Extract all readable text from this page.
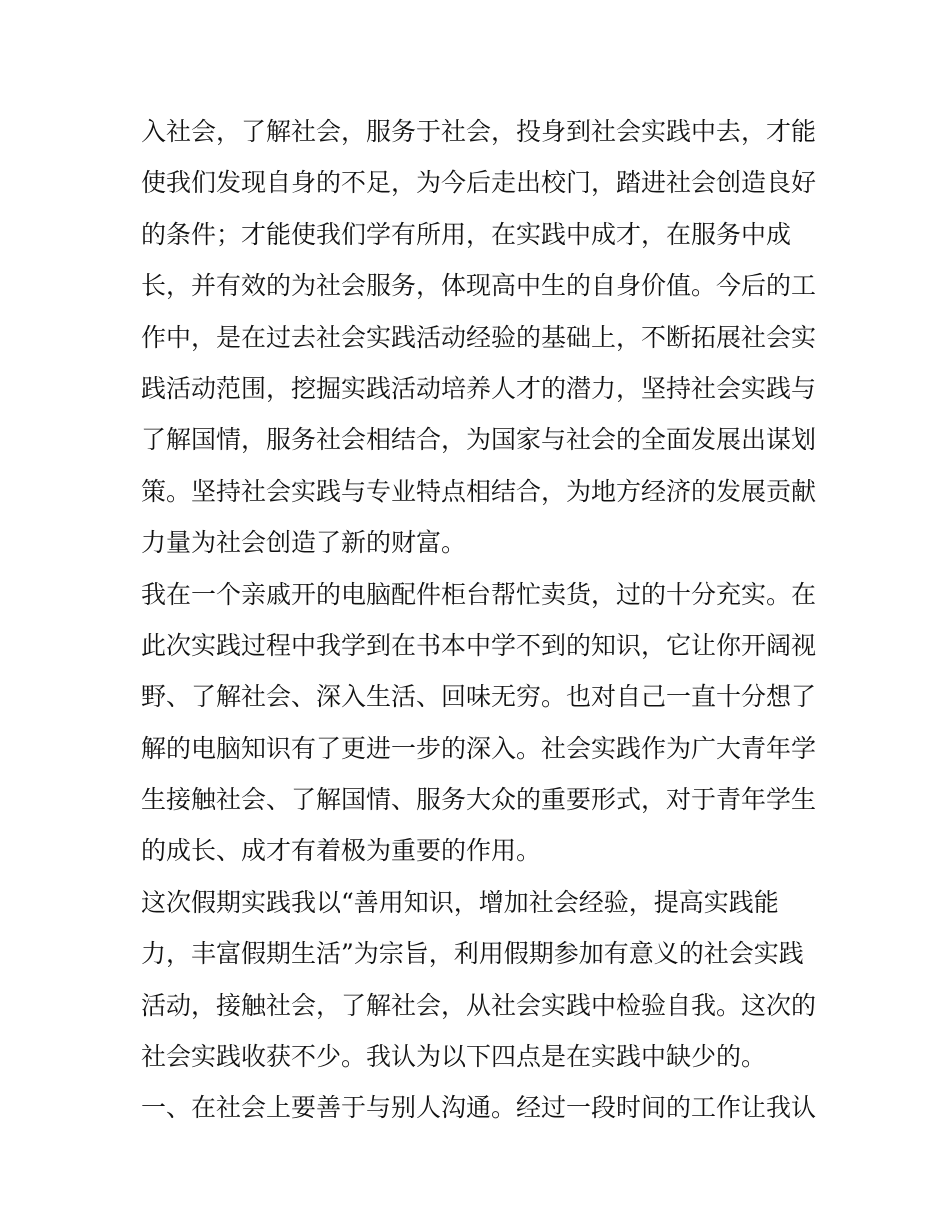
入社会，了解社会，服务于社会，投身到社会实践中去，才能
使我们发现自身的不足，为今后走出校门，踏进社会创造良好
的条件；才能使我们学有所用，在实践中成才，在服务中成
长，并有效的为社会服务，体现高中生的自身价值。今后的工
作中，是在过去社会实践活动经验的基础上，不断拓展社会实
践活动范围，挖掘实践活动培养人才的潜力，坚持社会实践与
了解国情，服务社会相结合，为国家与社会的全面发展出谋划
策。坚持社会实践与专业特点相结合，为地方经济的发展贡献
力量为社会创造了新的财富。
我在一个亲戚开的电脑配件柜台帮忙卖货，过的十分充实。在
此次实践过程中我学到在书本中学不到的知识，它让你开阔视
野、了解社会、深入生活、回味无穷。也对自己一直十分想了
解的电脑知识有了更进一步的深入。社会实践作为广大青年学
生接触社会、了解国情、服务大众的重要形式，对于青年学生
的成长、成才有着极为重要的作用。
这次假期实践我以“善用知识，增加社会经验，提高实践能
力，丰富假期生活”为宗旨，利用假期参加有意义的社会实践
活动，接触社会，了解社会，从社会实践中检验自我。这次的
社会实践收获不少。我认为以下四点是在实践中缺少的。
一、在社会上要善于与别人沟通。经过一段时间的工作让我认
